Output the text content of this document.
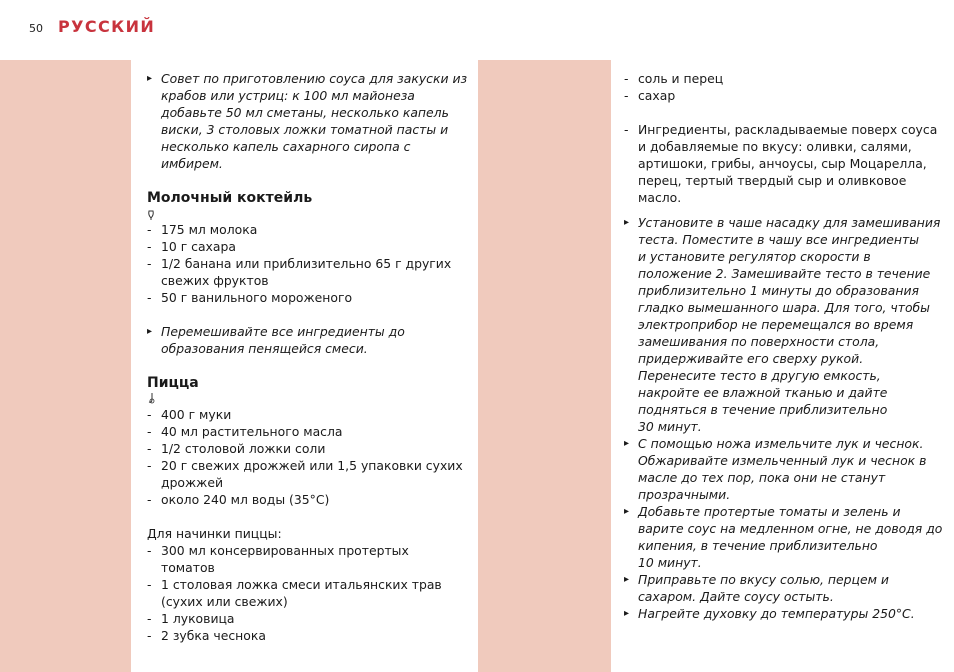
50 РУССКИЙ
▸ Совет по приготовлению соуса для закуски из
крабов или устриц: к 100 мл майонеза
добавьте 50 мл сметаны, несколько капель
виски, 3 столовых ложки томатной пасты и
несколько капель сахарного сиропа с
имбирем.
Молочный коктейль
- 175 мл молока
- 10 г сахара
- 1/2 банана или приблизительно 65 г других
свежих фруктов
- 50 г ванильного мороженого
▸ Перемешивайте все ингредиенты до
образования пенящейся смеси.
Пицца
- 400 г муки
- 40 мл растительного масла
- 1/2 столовой ложки соли
- 20 г свежих дрожжей или 1,5 упаковки сухих
дрожжей
- около 240 мл воды (35°C)
Для начинки пиццы:
- 300 мл консервированных протертых
томатов
- 1 столовая ложка смеси итальянских трав
(сухих или свежих)
- 1 луковица
- 2 зубка чеснока
- соль и перец
- сахар
- Ингредиенты, раскладываемые поверх соуса
и добавляемые по вкусу: оливки, салями,
артишоки, грибы, анчоусы, сыр Моцарелла,
перец, тертый твердый сыр и оливковое
масло.
▸ Установите в чаше насадку для замешивания
теста. Поместите в чашу все ингредиенты
и установите регулятор скорости в
положение 2. Замешивайте тесто в течение
приблизительно 1 минуты до образования
гладко вымешанного шара. Для того, чтобы
электроприбор не перемещался во время
замешивания по поверхности стола,
придерживайте его сверху рукой.
Перенесите тесто в другую емкость,
накройте ее влажной тканью и дайте
подняться в течение приблизительно
30 минут.
▸ С помощью ножа измельчите лук и чеснок.
Обжаривайте измельченный лук и чеснок в
масле до тех пор, пока они не станут
прозрачными.
▸ Добавьте протертые томаты и зелень и
варите соус на медленном огне, не доводя до
кипения, в течение приблизительно
10 минут.
▸ Приправьте по вкусу солью, перцем и
сахаром. Дайте соусу остыть.
▸ Нагрейте духовку до температуры 250°C.
